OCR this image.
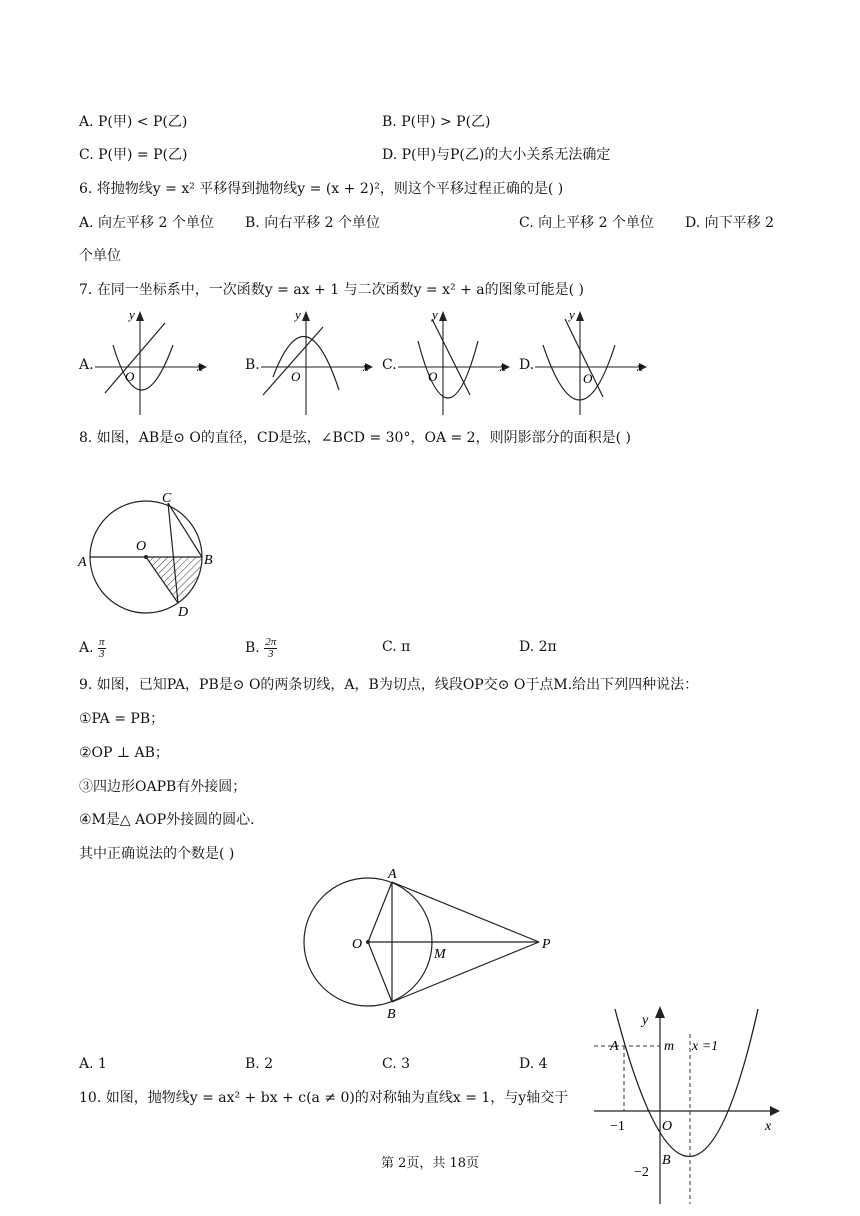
A. P(甲) < P(乙)	B. P(甲) > P(乙)
C. P(甲) = P(乙)	D. P(甲)与P(乙)的大小关系无法确定
6. 将抛物线y = x² 平移得到抛物线y = (x + 2)²，则这个平移过程正确的是( )
A. 向左平移 2 个单位 B. 向右平移 2 个单位	C. 向上平移 2 个单位 D. 向下平移 2
个单位
7. 在同一坐标系中，一次函数y = ax + 1 与二次函数y = x² + a的图象可能是( )
A.
y
x
O
B.
y
x
O
C.
y
x
O
D.
y
x
O
8. 如图，AB是⊙ O的直径，CD是弦，∠BCD = 30°，OA = 2，则阴影部分的面积是( )
A	B
C
D
O
A. $\frac{\pi}{3}$	B. $\frac{2\pi}{3}$	C. π	D. 2π
9. 如图，已知PA，PB是⊙ O的两条切线，A，B为切点，线段OP交⊙ O于点M.给出下列四种说法：
①PA = PB；
②OP ⊥ AB；
③四边形OAPB有外接圆；
④M是△ AOP外接圆的圆心．
其中正确说法的个数是( )
O
A
B
M
P
A. 1	B. 2	C. 3	D. 4
10. 如图，抛物线y = ax² + bx + c(a ≠ 0)的对称轴为直线x = 1，与y轴交于
y
x
A	m x =1
−1	O
B
−2
第 2页，共 18页
